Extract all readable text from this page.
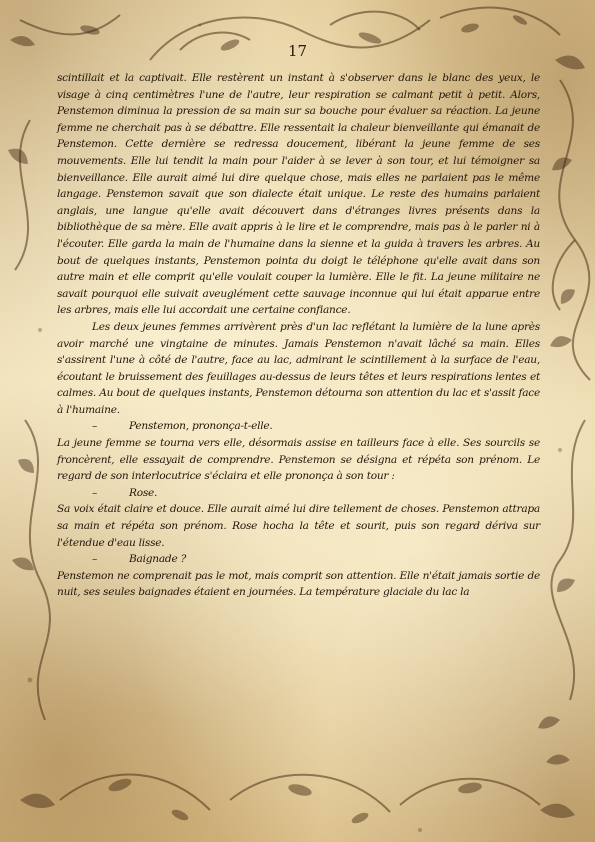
17

scintillait et la captivait. Elle restèrent un instant à s'observer dans le blanc des yeux, le visage à cinq centimètres l'une de l'autre, leur respiration se calmant petit à petit. Alors, Penstemon diminua la pression de sa main sur sa bouche pour évaluer sa réaction. La jeune femme ne cherchait pas à se débattre. Elle ressentait la chaleur bienveillante qui émanait de Penstemon. Cette dernière se redressa doucement, libérant la jeune femme de ses mouvements. Elle lui tendit la main pour l'aider à se lever à son tour, et lui témoigner sa bienveillance. Elle aurait aimé lui dire quelque chose, mais elles ne parlaient pas le même langage. Penstemon savait que son dialecte était unique. Le reste des humains parlaient anglais, une langue qu'elle avait découvert dans d'étranges livres présents dans la bibliothèque de sa mère. Elle avait appris à le lire et le comprendre, mais pas à le parler ni à l'écouter. Elle garda la main de l'humaine dans la sienne et la guida à travers les arbres. Au bout de quelques instants, Penstemon pointa du doigt le téléphone qu'elle avait dans son autre main et elle comprit qu'elle voulait couper la lumière. Elle le fit. La jeune militaire ne savait pourquoi elle suivait aveuglément cette sauvage inconnue qui lui était apparue entre les arbres, mais elle lui accordait une certaine confiance.

Les deux jeunes femmes arrivèrent près d'un lac reflétant la lumière de la lune après avoir marché une vingtaine de minutes. Jamais Penstemon n'avait lâché sa main. Elles s'assirent l'une à côté de l'autre, face au lac, admirant le scintillement à la surface de l'eau, écoutant le bruissement des feuillages au-dessus de leurs têtes et leurs respirations lentes et calmes. Au bout de quelques instants, Penstemon détourna son attention du lac et s'assit face à l'humaine.

–	Penstemon, prononça-t-elle.

La jeune femme se tourna vers elle, désormais assise en tailleurs face à elle. Ses sourcils se froncèrent, elle essayait de comprendre. Penstemon se désigna et répéta son prénom. Le regard de son interlocutrice s'éclaira et elle prononça à son tour :

–	Rose.

Sa voix était claire et douce. Elle aurait aimé lui dire tellement de choses. Penstemon attrapa sa main et répéta son prénom. Rose hocha la tête et sourit, puis son regard dériva sur l'étendue d'eau lisse.

–	Baignade ?

Penstemon ne comprenait pas le mot, mais comprit son attention. Elle n'était jamais sortie de nuit, ses seules baignades étaient en journées. La température glaciale du lac la
